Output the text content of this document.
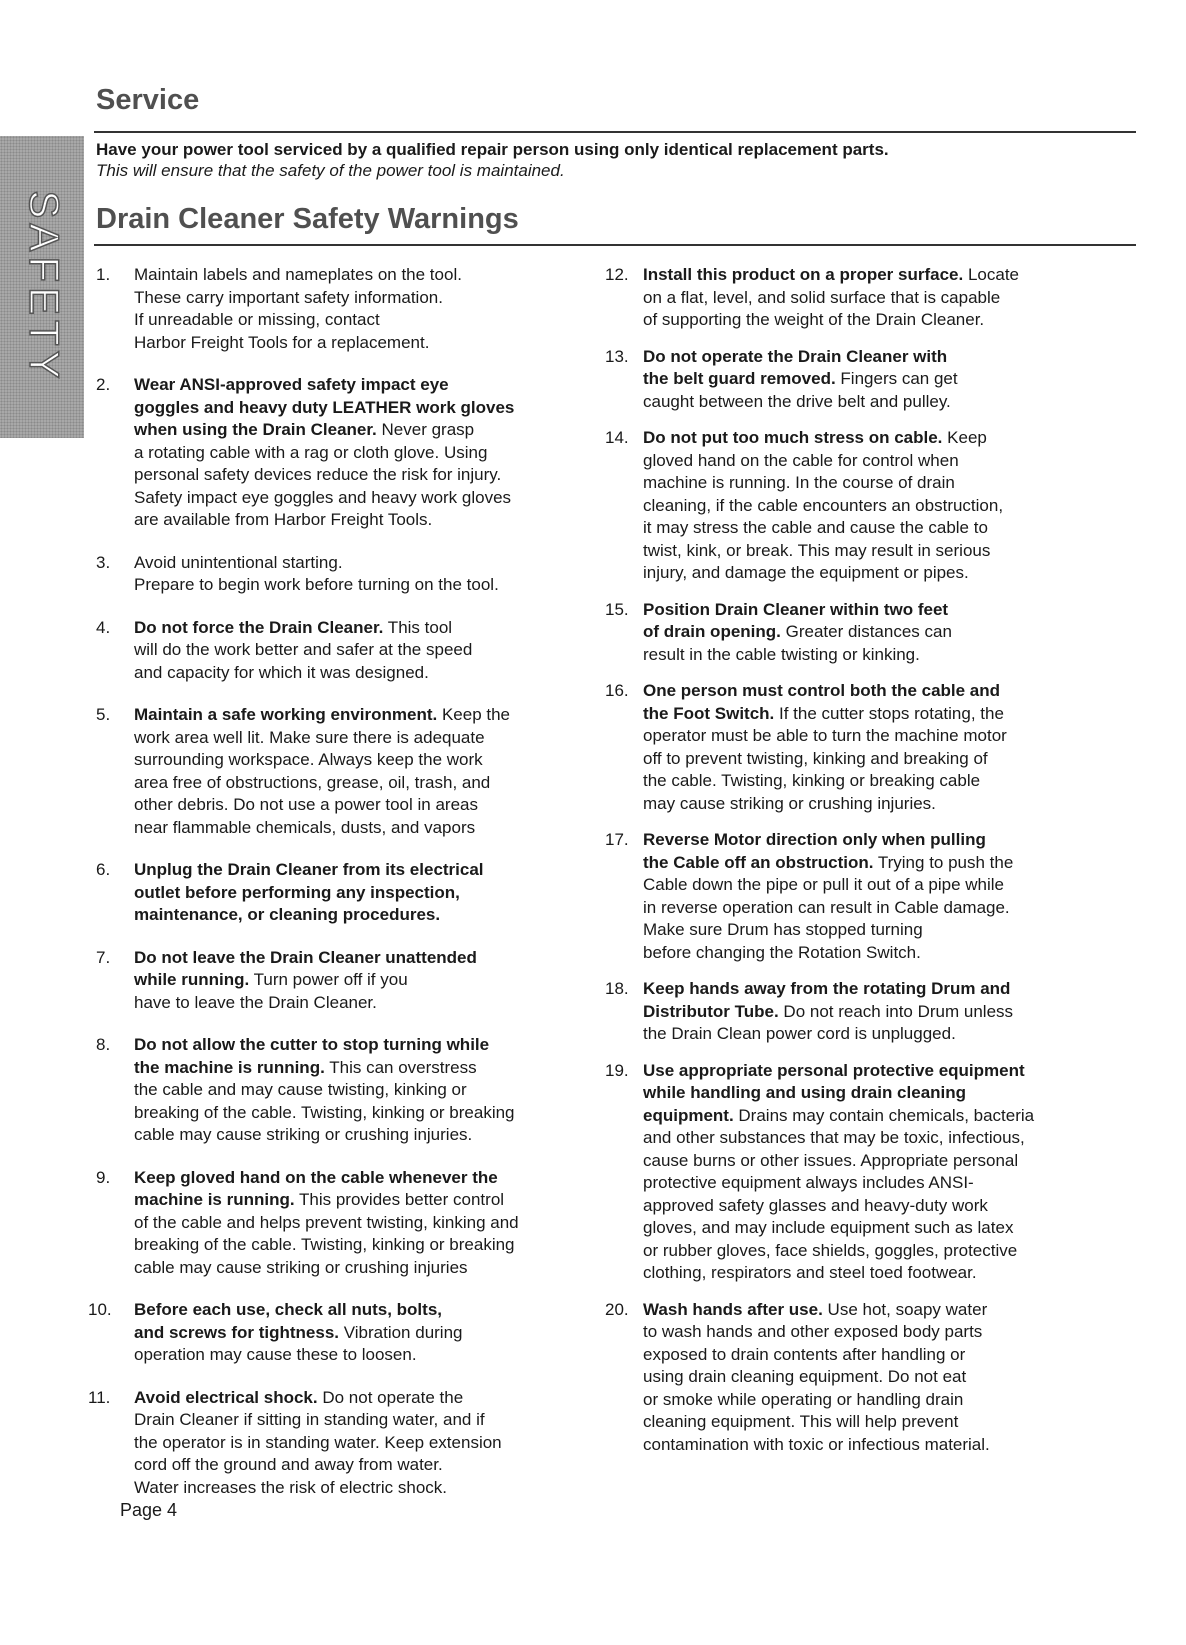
SAFETY
Service
Have your power tool serviced by a qualified repair person using only identical replacement parts.
This will ensure that the safety of the power tool is maintained.
Drain Cleaner Safety Warnings
1. Maintain labels and nameplates on the tool.
These carry important safety information.
If unreadable or missing, contact
Harbor Freight Tools for a replacement.

2. Wear ANSI-approved safety impact eye
goggles and heavy duty LEATHER work gloves
when using the Drain Cleaner. Never grasp
a rotating cable with a rag or cloth glove. Using
personal safety devices reduce the risk for injury.
Safety impact eye goggles and heavy work gloves
are available from Harbor Freight Tools.

3. Avoid unintentional starting.
Prepare to begin work before turning on the tool.

4. Do not force the Drain Cleaner. This tool
will do the work better and safer at the speed
and capacity for which it was designed.

5. Maintain a safe working environment. Keep the
work area well lit. Make sure there is adequate
surrounding workspace. Always keep the work
area free of obstructions, grease, oil, trash, and
other debris. Do not use a power tool in areas
near flammable chemicals, dusts, and vapors

6. Unplug the Drain Cleaner from its electrical
outlet before performing any inspection,
maintenance, or cleaning procedures.

7. Do not leave the Drain Cleaner unattended
while running. Turn power off if you
have to leave the Drain Cleaner.

8. Do not allow the cutter to stop turning while
the machine is running. This can overstress
the cable and may cause twisting, kinking or
breaking of the cable. Twisting, kinking or breaking
cable may cause striking or crushing injuries.

9. Keep gloved hand on the cable whenever the
machine is running. This provides better control
of the cable and helps prevent twisting, kinking and
breaking of the cable. Twisting, kinking or breaking
cable may cause striking or crushing injuries

10. Before each use, check all nuts, bolts,
and screws for tightness. Vibration during
operation may cause these to loosen.

11. Avoid electrical shock. Do not operate the
Drain Cleaner if sitting in standing water, and if
the operator is in standing water. Keep extension
cord off the ground and away from water.
Water increases the risk of electric shock.

12. Install this product on a proper surface. Locate
on a flat, level, and solid surface that is capable
of supporting the weight of the Drain Cleaner.

13. Do not operate the Drain Cleaner with
the belt guard removed. Fingers can get
caught between the drive belt and pulley.

14. Do not put too much stress on cable. Keep
gloved hand on the cable for control when
machine is running. In the course of drain
cleaning, if the cable encounters an obstruction,
it may stress the cable and cause the cable to
twist, kink, or break. This may result in serious
injury, and damage the equipment or pipes.

15. Position Drain Cleaner within two feet
of drain opening. Greater distances can
result in the cable twisting or kinking.

16. One person must control both the cable and
the Foot Switch. If the cutter stops rotating, the
operator must be able to turn the machine motor
off to prevent twisting, kinking and breaking of
the cable. Twisting, kinking or breaking cable
may cause striking or crushing injuries.

17. Reverse Motor direction only when pulling
the Cable off an obstruction. Trying to push the
Cable down the pipe or pull it out of a pipe while
in reverse operation can result in Cable damage.
Make sure Drum has stopped turning
before changing the Rotation Switch.

18. Keep hands away from the rotating Drum and
Distributor Tube. Do not reach into Drum unless
the Drain Clean power cord is unplugged.

19. Use appropriate personal protective equipment
while handling and using drain cleaning
equipment. Drains may contain chemicals, bacteria
and other substances that may be toxic, infectious,
cause burns or other issues. Appropriate personal
protective equipment always includes ANSI-
approved safety glasses and heavy-duty work
gloves, and may include equipment such as latex
or rubber gloves, face shields, goggles, protective
clothing, respirators and steel toed footwear.

20. Wash hands after use. Use hot, soapy water
to wash hands and other exposed body parts
exposed to drain contents after handling or
using drain cleaning equipment. Do not eat
or smoke while operating or handling drain
cleaning equipment. This will help prevent
contamination with toxic or infectious material.

Page 4
